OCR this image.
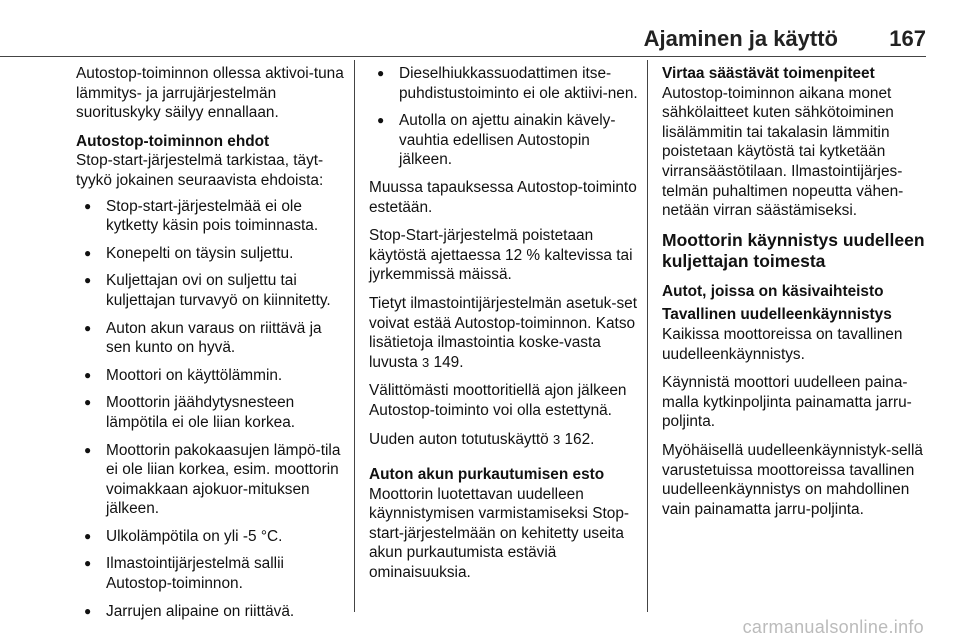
Ajaminen ja käyttö 167

Autostop-toiminnon ollessa aktivoi-tuna lämmitys- ja jarrujärjestelmän suorituskyky säilyy ennallaan.

Autostop-toiminnon ehdot

Stop-start-järjestelmä tarkistaa, täyt-tyykö jokainen seuraavista ehdoista:

● Stop-start-järjestelmää ei ole kytketty käsin pois toiminnasta.
● Konepelti on täysin suljettu.
● Kuljettajan ovi on suljettu tai kuljettajan turvavyö on kiinnitetty.
● Auton akun varaus on riittävä ja sen kunto on hyvä.
● Moottori on käyttölämmin.
● Moottorin jäähdytysnesteen lämpötila ei ole liian korkea.
● Moottorin pakokaasujen lämpö-tila ei ole liian korkea, esim. moottorin voimakkaan ajokuor-mituksen jälkeen.
● Ulkolämpötila on yli -5 °C.
● Ilmastointijärjestelmä sallii Autostop-toiminnon.
● Jarrujen alipaine on riittävä.
● Dieselhiukkassuodattimen itse-puhdistustoiminto ei ole aktiivi-nen.
● Autolla on ajettu ainakin kävely-vauhtia edellisen Autostopin jälkeen.

Muussa tapauksessa Autostop-toiminto estetään.

Stop-Start-järjestelmä poistetaan käytöstä ajettaessa 12 % kaltevissa tai jyrkemmissä mäissä.

Tietyt ilmastointijärjestelmän asetuk-set voivat estää Autostop-toiminnon. Katso lisätietoja ilmastointia koske-vasta luvusta 3 149.

Välittömästi moottoritiellä ajon jälkeen Autostop-toiminto voi olla estettynä.

Uuden auton totutuskäyttö 3 162.

Auton akun purkautumisen esto

Moottorin luotettavan uudelleen käynnistymisen varmistamiseksi Stop-start-järjestelmään on kehitetty useita akun purkautumista estäviä ominaisuuksia.

Virtaa säästävät toimenpiteet

Autostop-toiminnon aikana monet sähkölaitteet kuten sähkötoiminen lisälämmitin tai takalasin lämmitin poistetaan käytöstä tai kytketään virransäästötilaan. Ilmastointijärjes-telmän puhaltimen nopeutta vähen-netään virran säästämiseksi.

Moottorin käynnistys uudelleen kuljettajan toimesta
Autot, joissa on käsivaihteisto
Tavallinen uudelleenkäynnistys

Kaikissa moottoreissa on tavallinen uudelleenkäynnistys.

Käynnistä moottori uudelleen paina-malla kytkinpoljinta painamatta jarru-poljinta.

Myöhäisellä uudelleenkäynnistyk-sellä varustetuissa moottoreissa tavallinen uudelleenkäynnistys on mahdollinen vain painamatta jarru-poljinta.

carmanualsonline.info
